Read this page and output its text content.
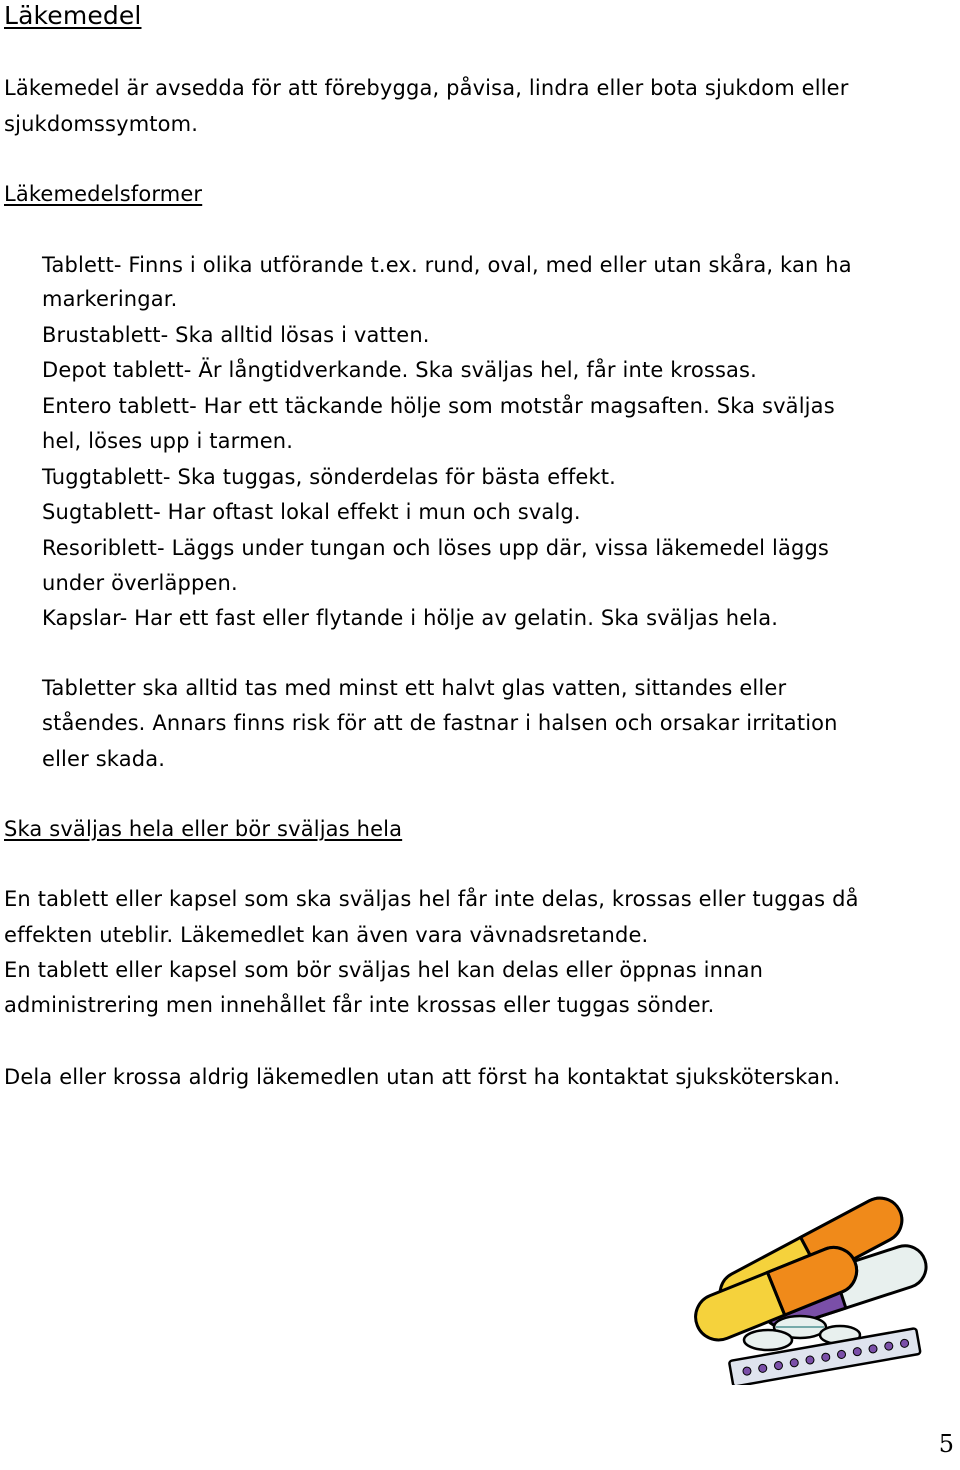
Läkemedel
Läkemedel är avsedda för att förebygga, påvisa, lindra eller bota sjukdom eller
sjukdomssymtom.
Läkemedelsformer
Tablett- Finns i olika utförande t.ex. rund, oval, med eller utan skåra, kan ha
markeringar.
Brustablett- Ska alltid lösas i vatten.
Depot tablett- Är långtidverkande. Ska sväljas hel, får inte krossas.
Entero tablett- Har ett täckande hölje som motstår magsaften. Ska sväljas
hel, löses upp i tarmen.
Tuggtablett- Ska tuggas, sönderdelas för bästa effekt.
Sugtablett- Har oftast lokal effekt i mun och svalg.
Resoriblett- Läggs under tungan och löses upp där, vissa läkemedel läggs
under överläppen.
Kapslar- Har ett fast eller flytande i hölje av gelatin. Ska sväljas hela.
Tabletter ska alltid tas med minst ett halvt glas vatten, sittandes eller
ståendes. Annars finns risk för att de fastnar i halsen och orsakar irritation
eller skada.
Ska sväljas hela eller bör sväljas hela
En tablett eller kapsel som ska sväljas hel får inte delas, krossas eller tuggas då
effekten uteblir. Läkemedlet kan även vara vävnadsretande.
En tablett eller kapsel som bör sväljas hel kan delas eller öppnas innan
administrering men innehållet får inte krossas eller tuggas sönder.
Dela eller krossa aldrig läkemedlen utan att först ha kontaktat sjuksköterskan.
5
